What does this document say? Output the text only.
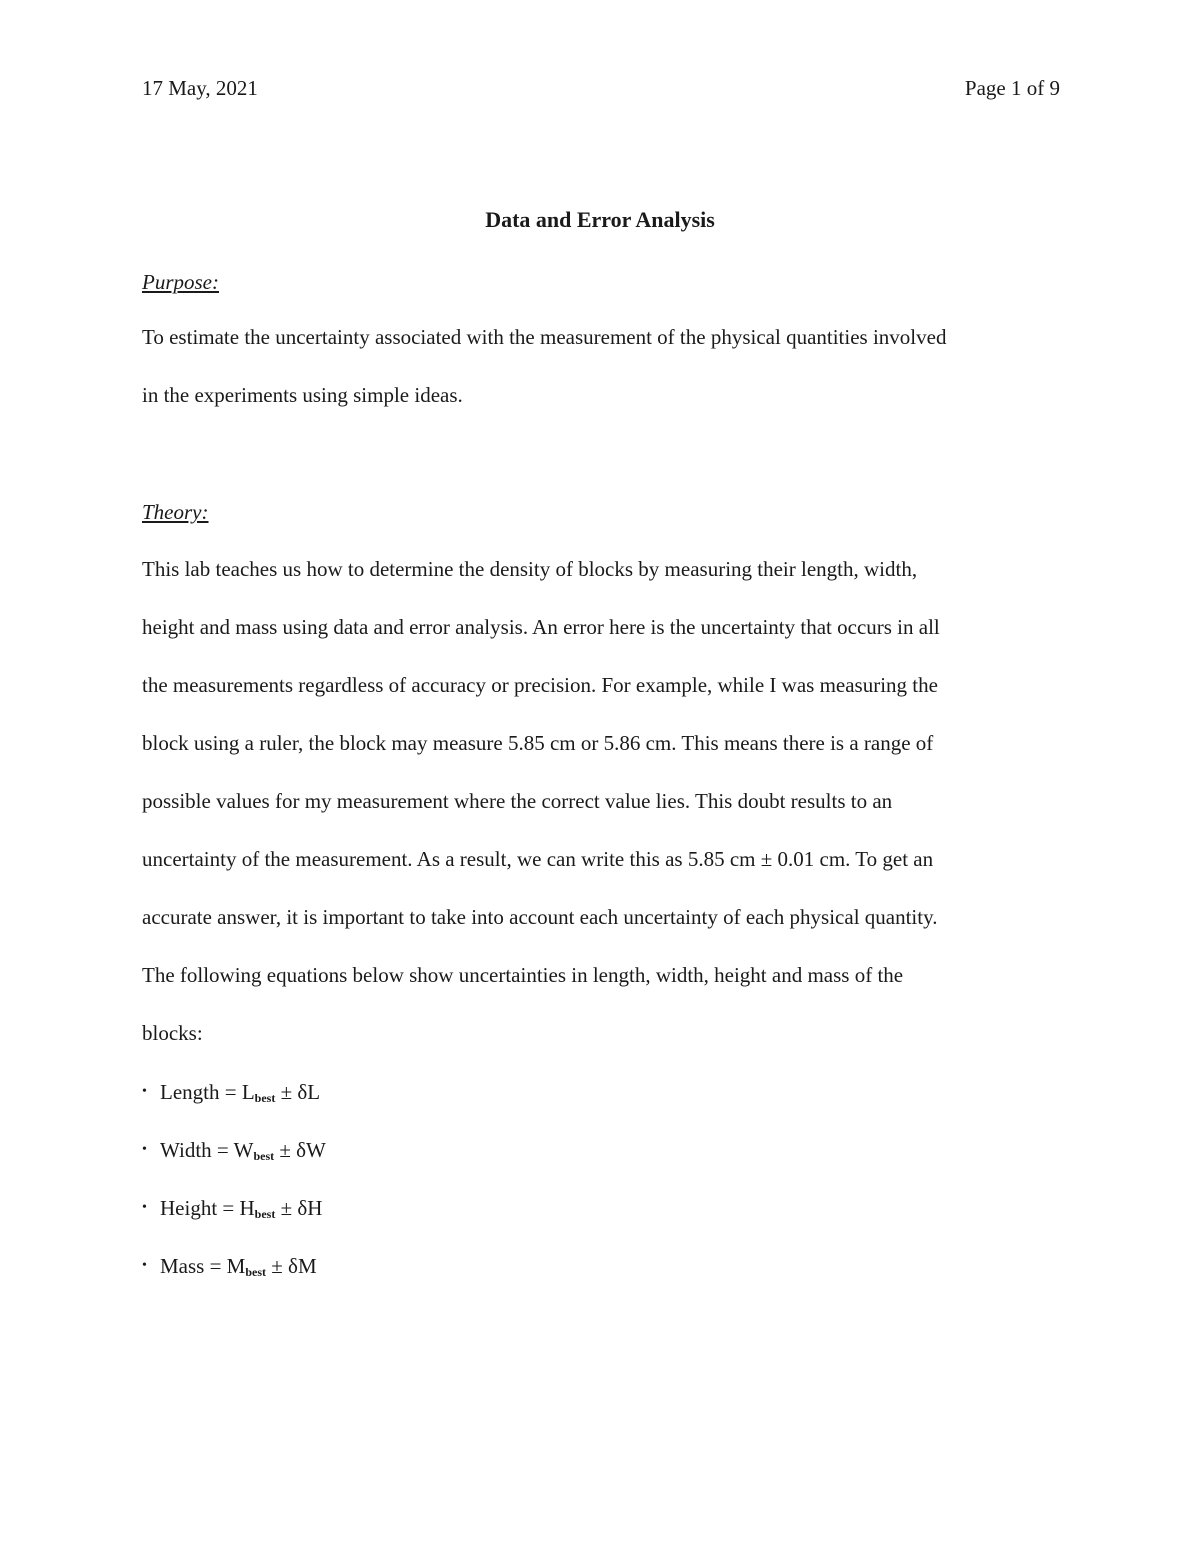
17 May, 2021	Page 1 of 9
Data and Error Analysis
Purpose:
To estimate the uncertainty associated with the measurement of the physical quantities involved
in the experiments using simple ideas.
Theory:
This lab teaches us how to determine the density of blocks by measuring their length, width,
height and mass using data and error analysis. An error here is the uncertainty that occurs in all
the measurements regardless of accuracy or precision. For example, while I was measuring the
block using a ruler, the block may measure 5.85 cm or 5.86 cm. This means there is a range of
possible values for my measurement where the correct value lies. This doubt results to an
uncertainty of the measurement. As a result, we can write this as 5.85 cm ± 0.01 cm. To get an
accurate answer, it is important to take into account each uncertainty of each physical quantity.
The following equations below show uncertainties in length, width, height and mass of the
blocks:
• Length = $L_{best} \pm \delta L$
• Width = $W_{best} \pm \delta W$
• Height = $H_{best} \pm \delta H$
• Mass = $M_{best} \pm \delta M$
